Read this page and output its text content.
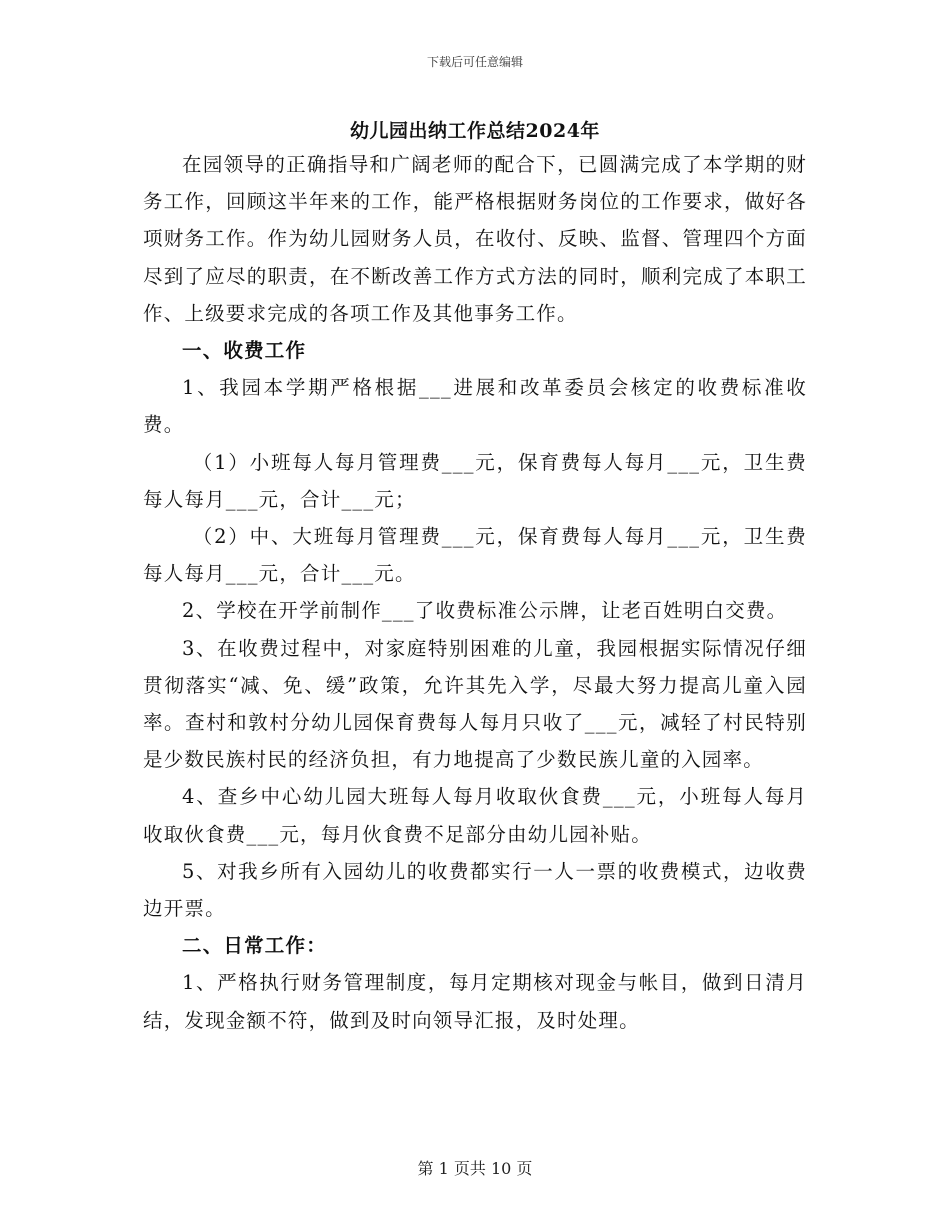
下载后可任意编辑
幼儿园出纳工作总结2024年

在园领导的正确指导和广阔老师的配合下，已圆满完成了本学期的财务工作，回顾这半年来的工作，能严格根据财务岗位的工作要求，做好各项财务工作。作为幼儿园财务人员，在收付、反映、监督、管理四个方面尽到了应尽的职责，在不断改善工作方式方法的同时，顺利完成了本职工作、上级要求完成的各项工作及其他事务工作。

一、收费工作

1、我园本学期严格根据___进展和改革委员会核定的收费标准收费。

（1）小班每人每月管理费___元，保育费每人每月___元，卫生费每人每月___元，合计___元；

（2）中、大班每月管理费___元，保育费每人每月___元，卫生费每人每月___元，合计___元。

2、学校在开学前制作___了收费标准公示牌，让老百姓明白交费。

3、在收费过程中，对家庭特别困难的儿童，我园根据实际情况仔细贯彻落实“减、免、缓”政策，允许其先入学，尽最大努力提高儿童入园率。查村和敦村分幼儿园保育费每人每月只收了___元，减轻了村民特别是少数民族村民的经济负担，有力地提高了少数民族儿童的入园率。

4、查乡中心幼儿园大班每人每月收取伙食费___元，小班每人每月收取伙食费___元，每月伙食费不足部分由幼儿园补贴。

5、对我乡所有入园幼儿的收费都实行一人一票的收费模式，边收费边开票。

二、日常工作：

1、严格执行财务管理制度，每月定期核对现金与帐目，做到日清月结，发现金额不符，做到及时向领导汇报，及时处理。

第 1 页共 10 页
